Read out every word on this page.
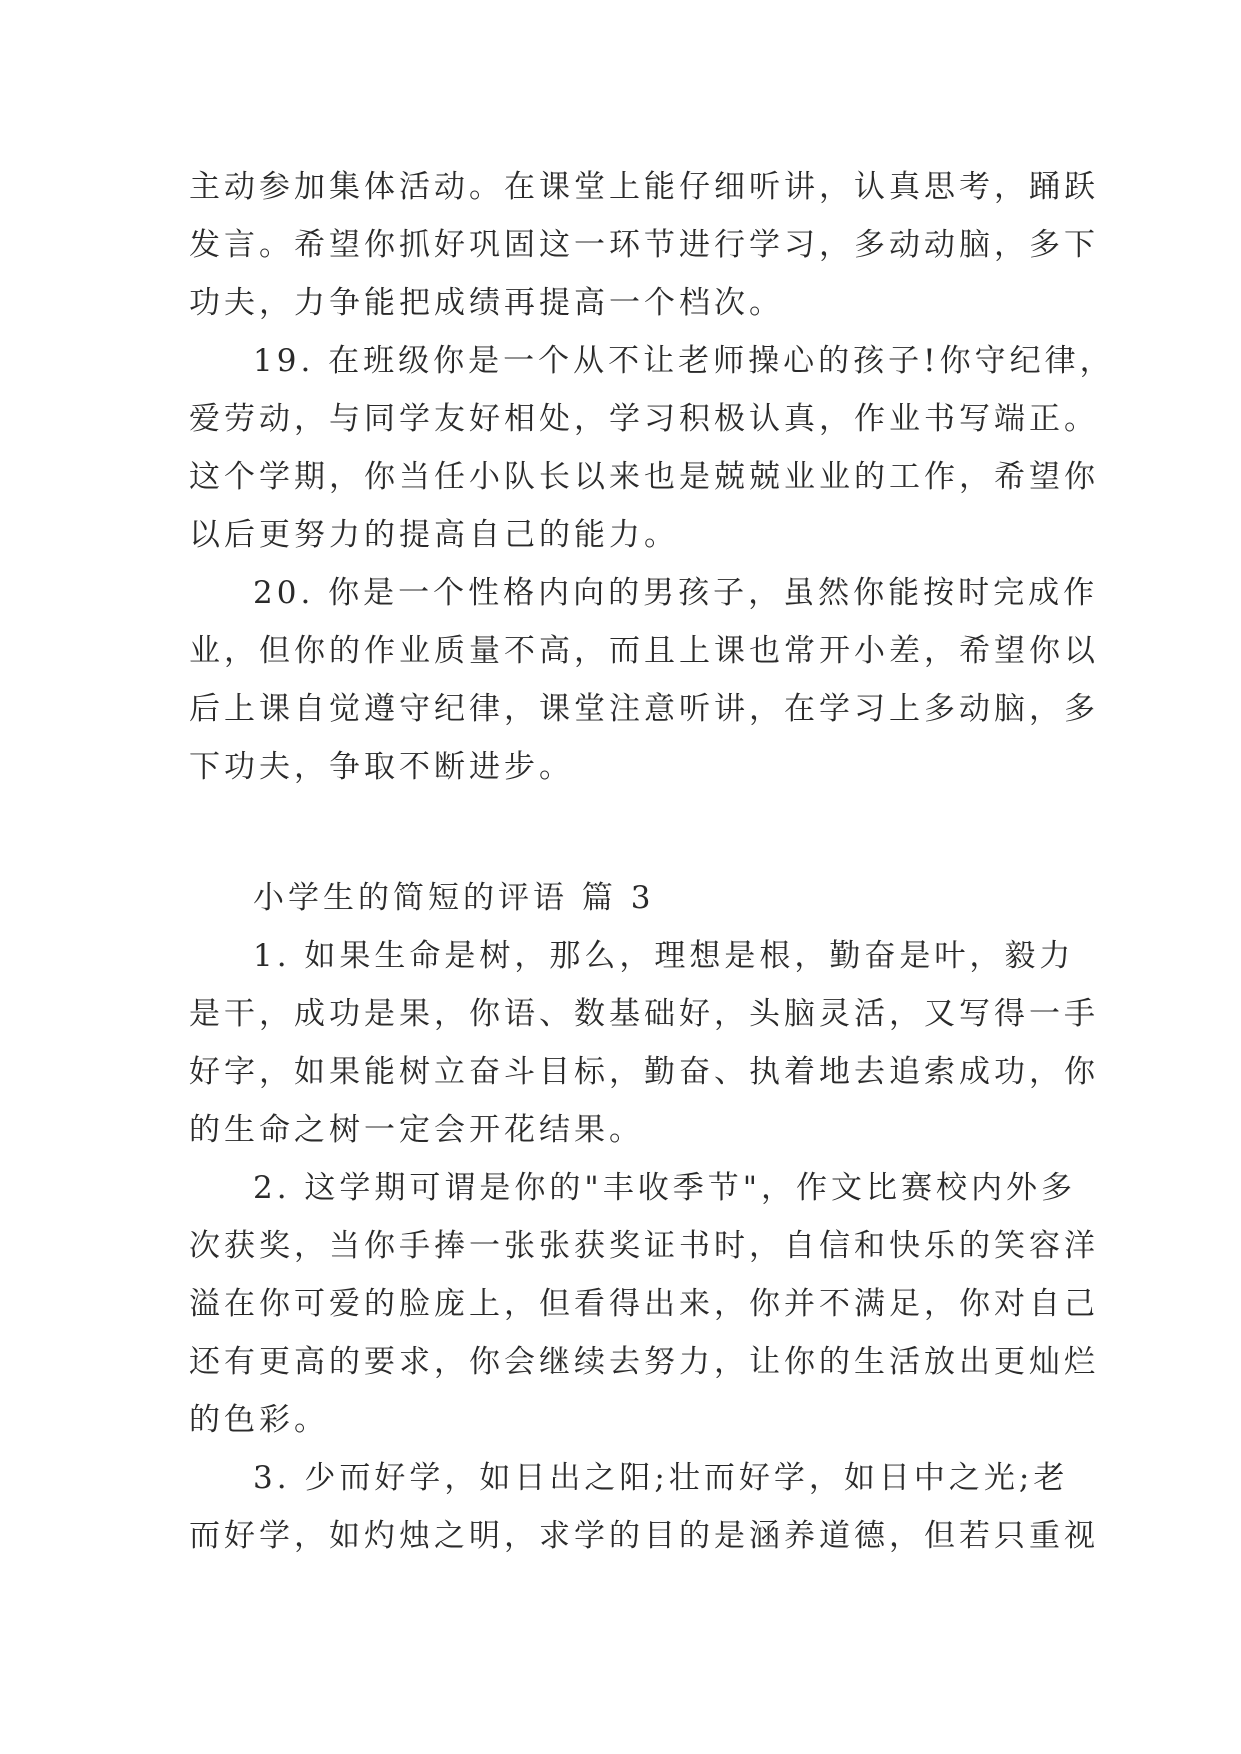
主动参加集体活动。在课堂上能仔细听讲，认真思考，踊跃
发言。希望你抓好巩固这一环节进行学习，多动动脑，多下
功夫，力争能把成绩再提高一个档次。
19. 在班级你是一个从不让老师操心的孩子!你守纪律，
爱劳动，与同学友好相处，学习积极认真，作业书写端正。
这个学期，你当任小队长以来也是兢兢业业的工作，希望你
以后更努力的提高自己的能力。
20. 你是一个性格内向的男孩子，虽然你能按时完成作
业，但你的作业质量不高，而且上课也常开小差，希望你以
后上课自觉遵守纪律，课堂注意听讲，在学习上多动脑，多
下功夫，争取不断进步。
小学生的简短的评语 篇 3
1. 如果生命是树，那么，理想是根，勤奋是叶，毅力
是干，成功是果，你语、数基础好，头脑灵活，又写得一手
好字，如果能树立奋斗目标，勤奋、执着地去追索成功，你
的生命之树一定会开花结果。
2. 这学期可谓是你的"丰收季节"，作文比赛校内外多
次获奖，当你手捧一张张获奖证书时，自信和快乐的笑容洋
溢在你可爱的脸庞上，但看得出来，你并不满足，你对自己
还有更高的要求，你会继续去努力，让你的生活放出更灿烂
的色彩。
3. 少而好学，如日出之阳;壮而好学，如日中之光;老
而好学，如灼烛之明，求学的目的是涵养道德，但若只重视
